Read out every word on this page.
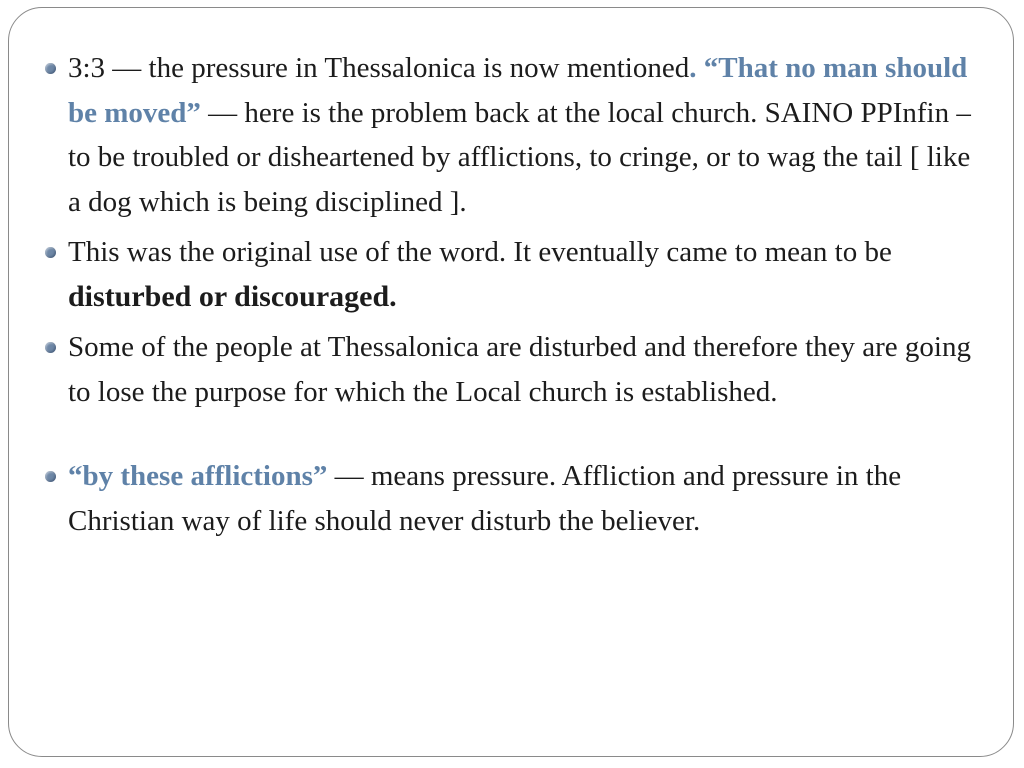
3:3 — the pressure in Thessalonica is now mentioned. “That no man should be moved” — here is the problem back at the local church. SAINO PPInfin – to be troubled or disheartened by afflictions, to cringe, or to wag the tail [ like a dog which is being disciplined ].
This was the original use of the word. It eventually came to mean to be disturbed or discouraged.
Some of the people at Thessalonica are disturbed and therefore they are going to lose the purpose for which the Local church is established.
“by these afflictions” — means pressure. Affliction and pressure in the Christian way of life should never disturb the believer.
